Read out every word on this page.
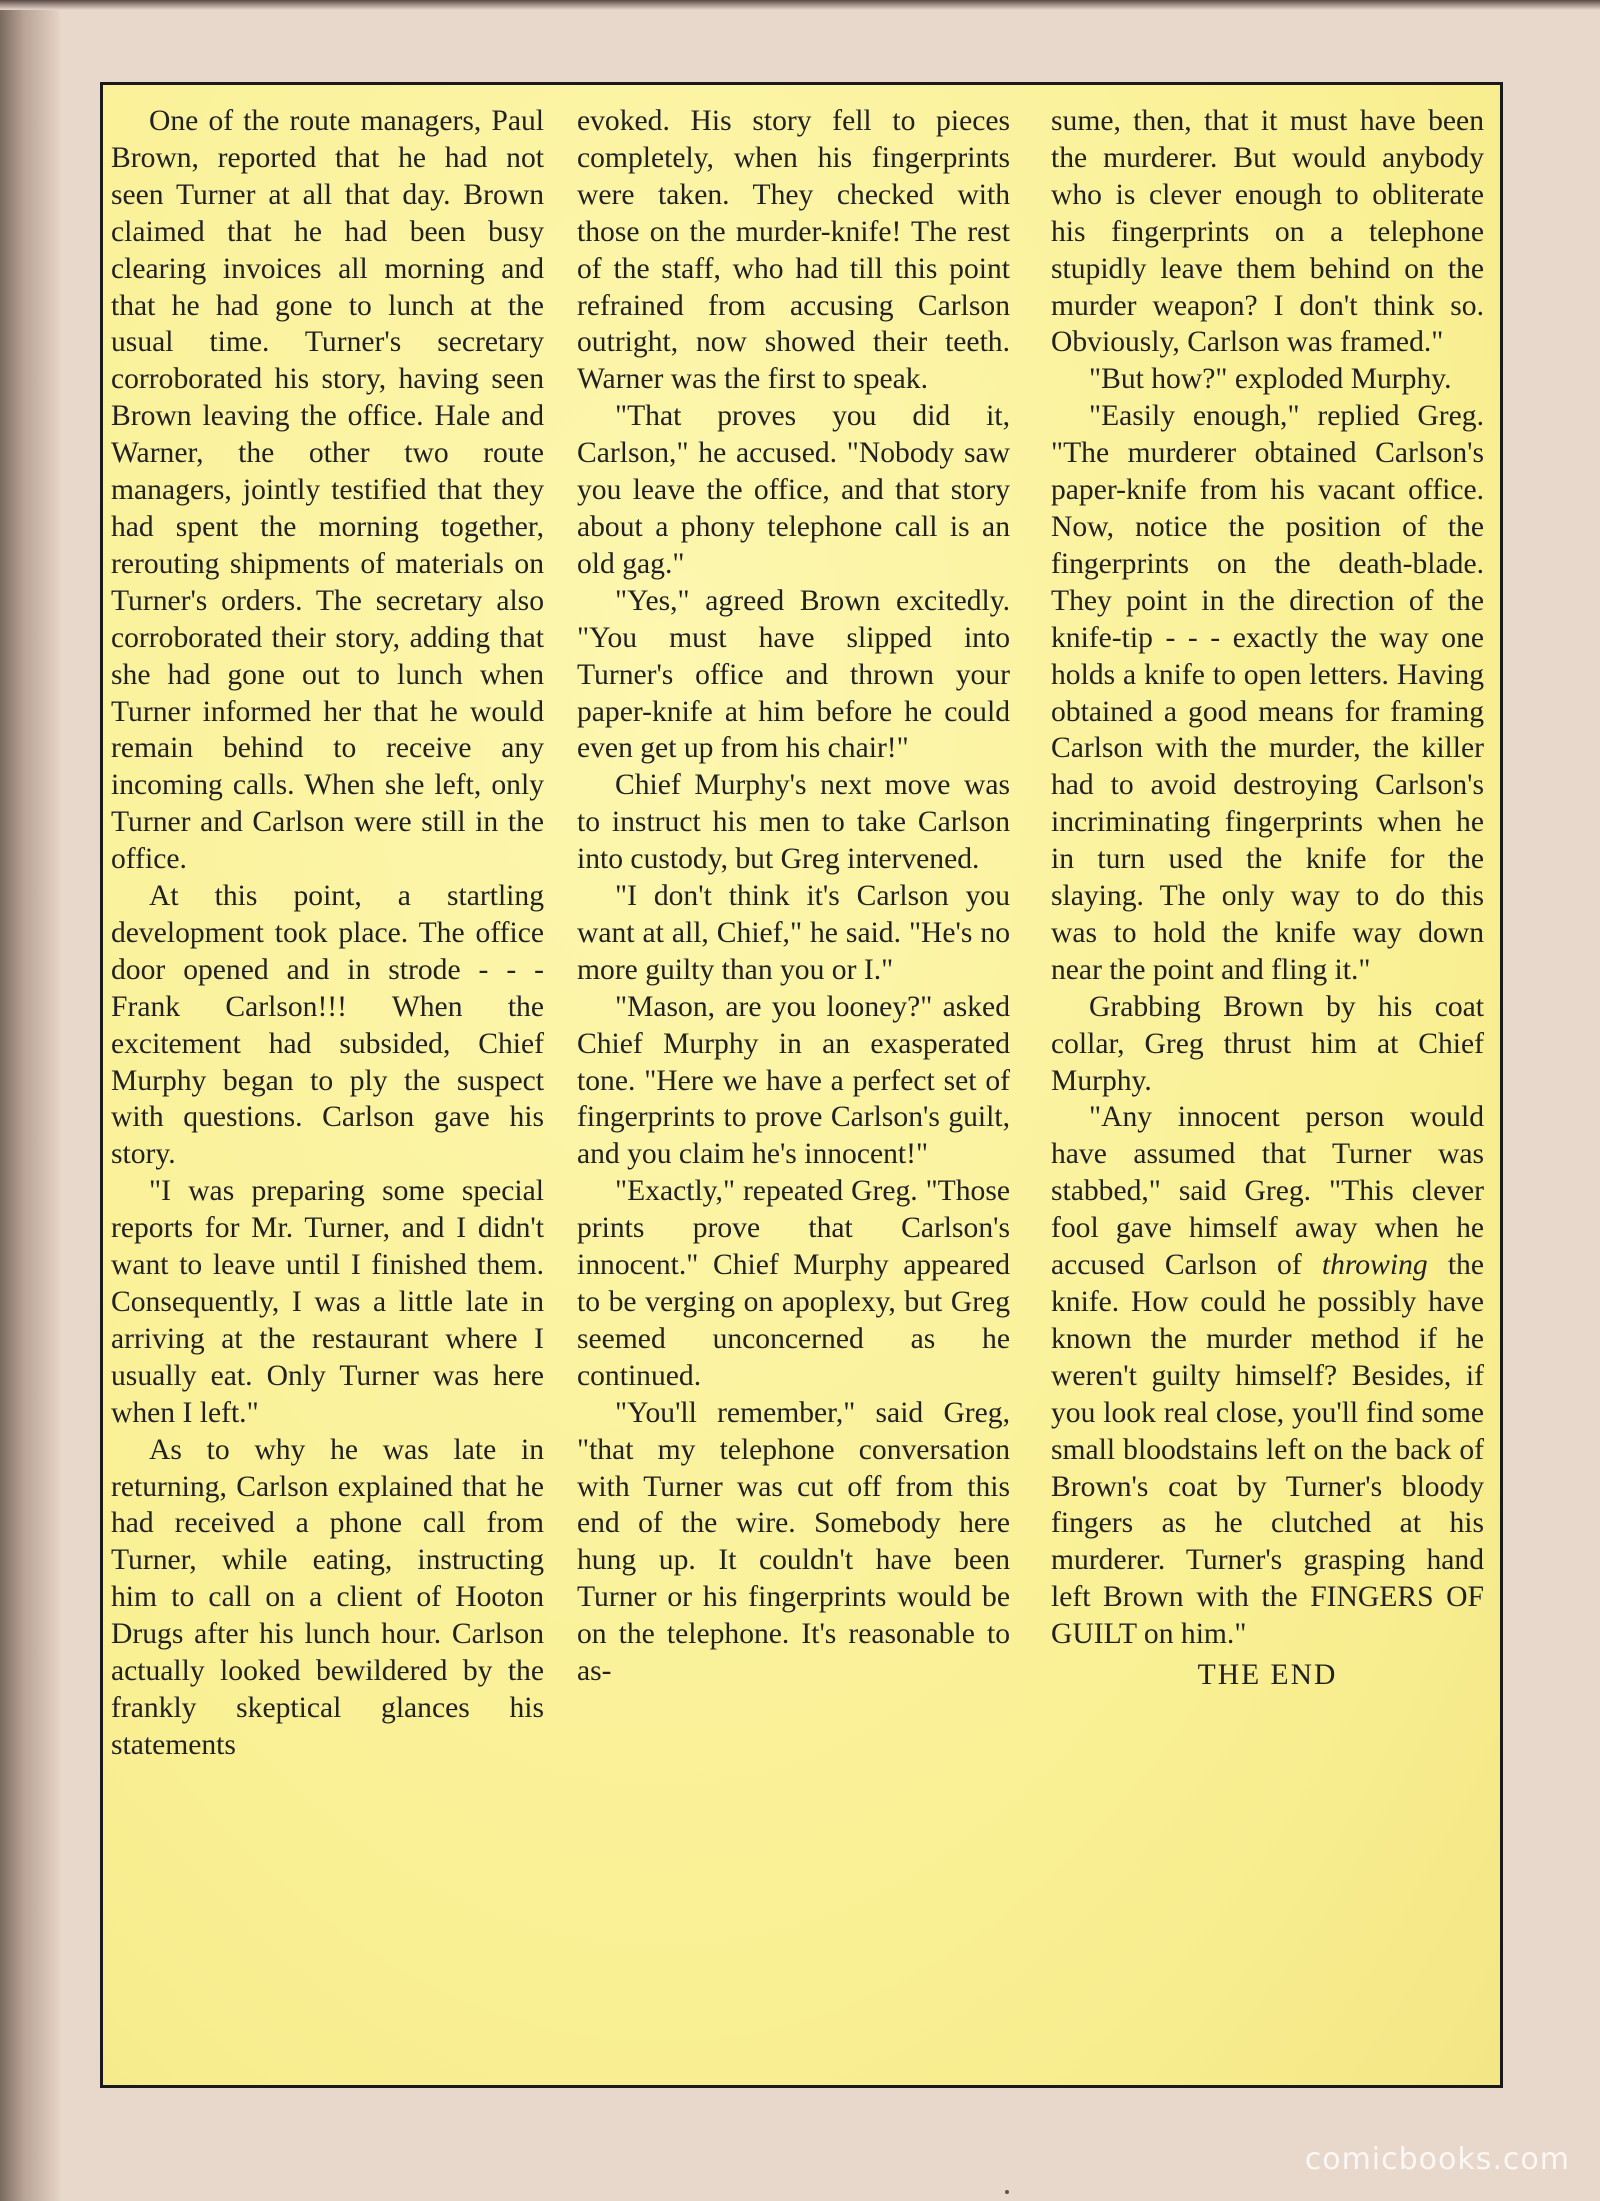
One of the route managers, Paul Brown, reported that he had not seen Turner at all that day. Brown claimed that he had been busy clearing invoices all morning and that he had gone to lunch at the usual time. Turner's secretary corroborated his story, having seen Brown leaving the office. Hale and Warner, the other two route managers, jointly testified that they had spent the morning together, rerouting shipments of materials on Turner's orders. The secretary also corroborated their story, adding that she had gone out to lunch when Turner informed her that he would remain behind to receive any incoming calls. When she left, only Turner and Carlson were still in the office.

At this point, a startling development took place. The office door opened and in strode - - - Frank Carlson!!! When the excitement had subsided, Chief Murphy began to ply the suspect with questions. Carlson gave his story.

"I was preparing some special reports for Mr. Turner, and I didn't want to leave until I finished them. Consequently, I was a little late in arriving at the restaurant where I usually eat. Only Turner was here when I left."

As to why he was late in returning, Carlson explained that he had received a phone call from Turner, while eating, instructing him to call on a client of Hooton Drugs after his lunch hour. Carlson actually looked bewildered by the frankly skeptical glances his statements

evoked. His story fell to pieces completely, when his fingerprints were taken. They checked with those on the murder-knife! The rest of the staff, who had till this point refrained from accusing Carlson outright, now showed their teeth. Warner was the first to speak.

"That proves you did it, Carlson," he accused. "Nobody saw you leave the office, and that story about a phony telephone call is an old gag."

"Yes," agreed Brown excitedly. "You must have slipped into Turner's office and thrown your paper-knife at him before he could even get up from his chair!"

Chief Murphy's next move was to instruct his men to take Carlson into custody, but Greg intervened.

"I don't think it's Carlson you want at all, Chief," he said. "He's no more guilty than you or I."

"Mason, are you looney?" asked Chief Murphy in an exasperated tone. "Here we have a perfect set of fingerprints to prove Carlson's guilt, and you claim he's innocent!"

"Exactly," repeated Greg. "Those prints prove that Carlson's innocent." Chief Murphy appeared to be verging on apoplexy, but Greg seemed unconcerned as he continued.

"You'll remember," said Greg, "that my telephone conversation with Turner was cut off from this end of the wire. Somebody here hung up. It couldn't have been Turner or his fingerprints would be on the telephone. It's reasonable to as-

sume, then, that it must have been the murderer. But would anybody who is clever enough to obliterate his fingerprints on a telephone stupidly leave them behind on the murder weapon? I don't think so. Obviously, Carlson was framed."

"But how?" exploded Murphy.

"Easily enough," replied Greg. "The murderer obtained Carlson's paper-knife from his vacant office. Now, notice the position of the fingerprints on the death-blade. They point in the direction of the knife-tip - - - exactly the way one holds a knife to open letters. Having obtained a good means for framing Carlson with the murder, the killer had to avoid destroying Carlson's incriminating fingerprints when he in turn used the knife for the slaying. The only way to do this was to hold the knife way down near the point and fling it."

Grabbing Brown by his coat collar, Greg thrust him at Chief Murphy.

"Any innocent person would have assumed that Turner was stabbed," said Greg. "This clever fool gave himself away when he accused Carlson of throwing the knife. How could he possibly have known the murder method if he weren't guilty himself? Besides, if you look real close, you'll find some small bloodstains left on the back of Brown's coat by Turner's bloody fingers as he clutched at his murderer. Turner's grasping hand left Brown with the FINGERS OF GUILT on him."

THE END

comicbooks.com
